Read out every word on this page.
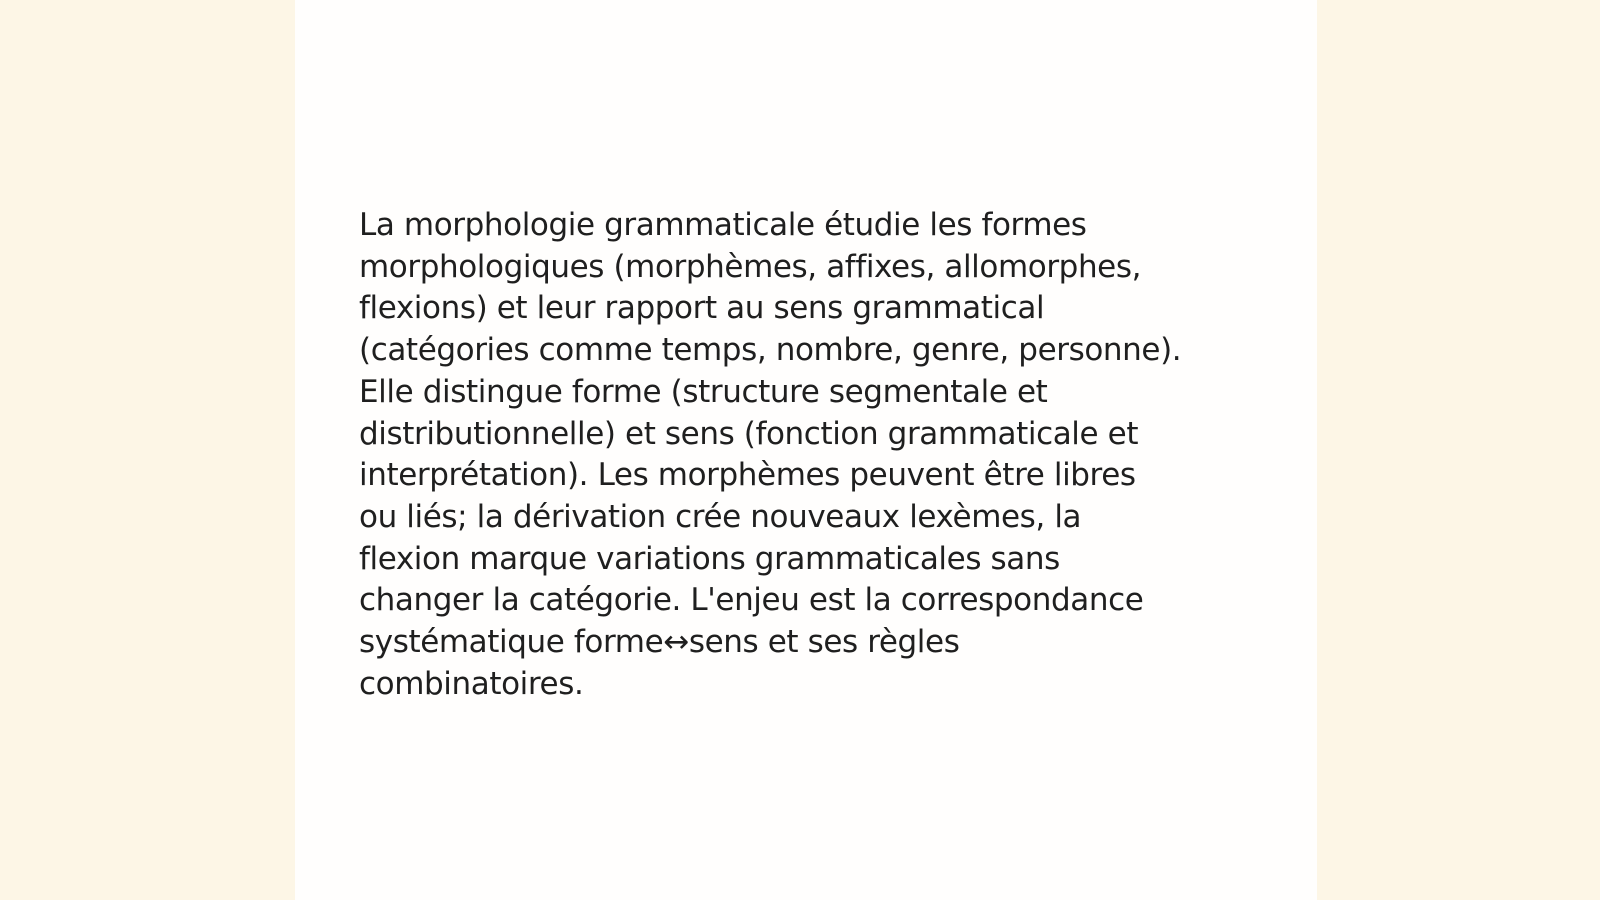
La morphologie grammaticale étudie les formes
morphologiques (morphèmes, affixes, allomorphes,
flexions) et leur rapport au sens grammatical
(catégories comme temps, nombre, genre, personne).
Elle distingue forme (structure segmentale et
distributionnelle) et sens (fonction grammaticale et
interprétation). Les morphèmes peuvent être libres
ou liés; la dérivation crée nouveaux lexèmes, la
flexion marque variations grammaticales sans
changer la catégorie. L'enjeu est la correspondance
systématique forme↔sens et ses règles
combinatoires.
